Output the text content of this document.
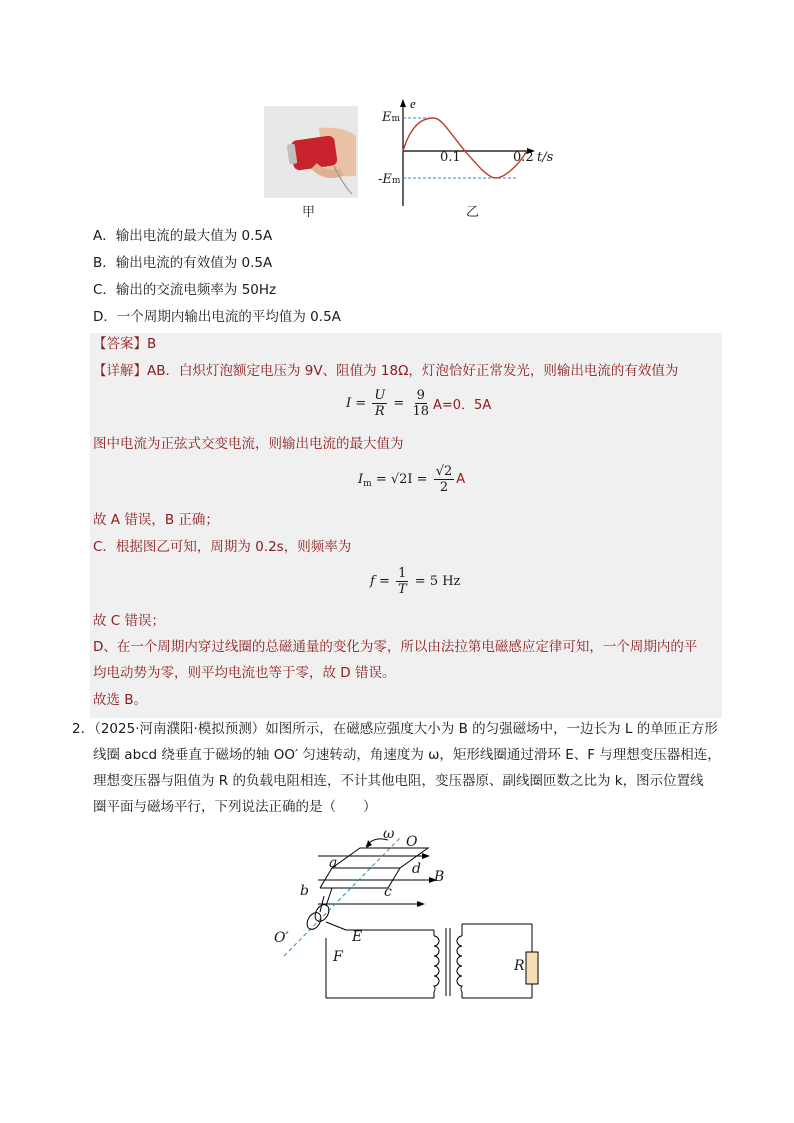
甲
e
Em
-Em
0.1	0.2 t/s
乙
A．输出电流的最大值为 0.5A
B．输出电流的有效值为 0.5A
C．输出的交流电频率为 50Hz
D．一个周期内输出电流的平均值为 0.5A
【答案】B
【详解】AB．白炽灯泡额定电压为 9V、阻值为 18Ω，灯泡恰好正常发光，则输出电流的有效值为
$I = \frac{U}{R} = \frac{9}{18} A=0$．5A
图中电流为正弦式交变电流，则输出电流的最大值为
I m
= √2I =
$\frac{√2}{2}$ A
故 A 错误，B 正确；
C．根据图乙可知，周期为 0.2s，则频率为
f =
$\frac{1}{T}$
= 5 Hz
故 C 错误；
D、在一个周期内穿过线圈的总磁通量的变化为零，所以由法拉第电磁感应定律可知，一个周期内的平
均电动势为零，则平均电流也等于零，故 D 错误。
故选 B。
2．（2025·河南濮阳·模拟预测）如图所示，在磁感应强度大小为 B 的匀强磁场中，一边长为 L 的单匝正方形
线圈 abcd 绕垂直于磁场的轴 OO′ 匀速转动，角速度为 ω，矩形线圈通过滑环 E、F 与理想变压器相连，
理想变压器与阻值为 R 的负载电阻相连，不计其他电阻，变压器原、副线圈匝数之比为 k，图示位置线
圈平面与磁场平行，下列说法正确的是（　　）
ω O
a	d B
b	c
O′	E
F
R
